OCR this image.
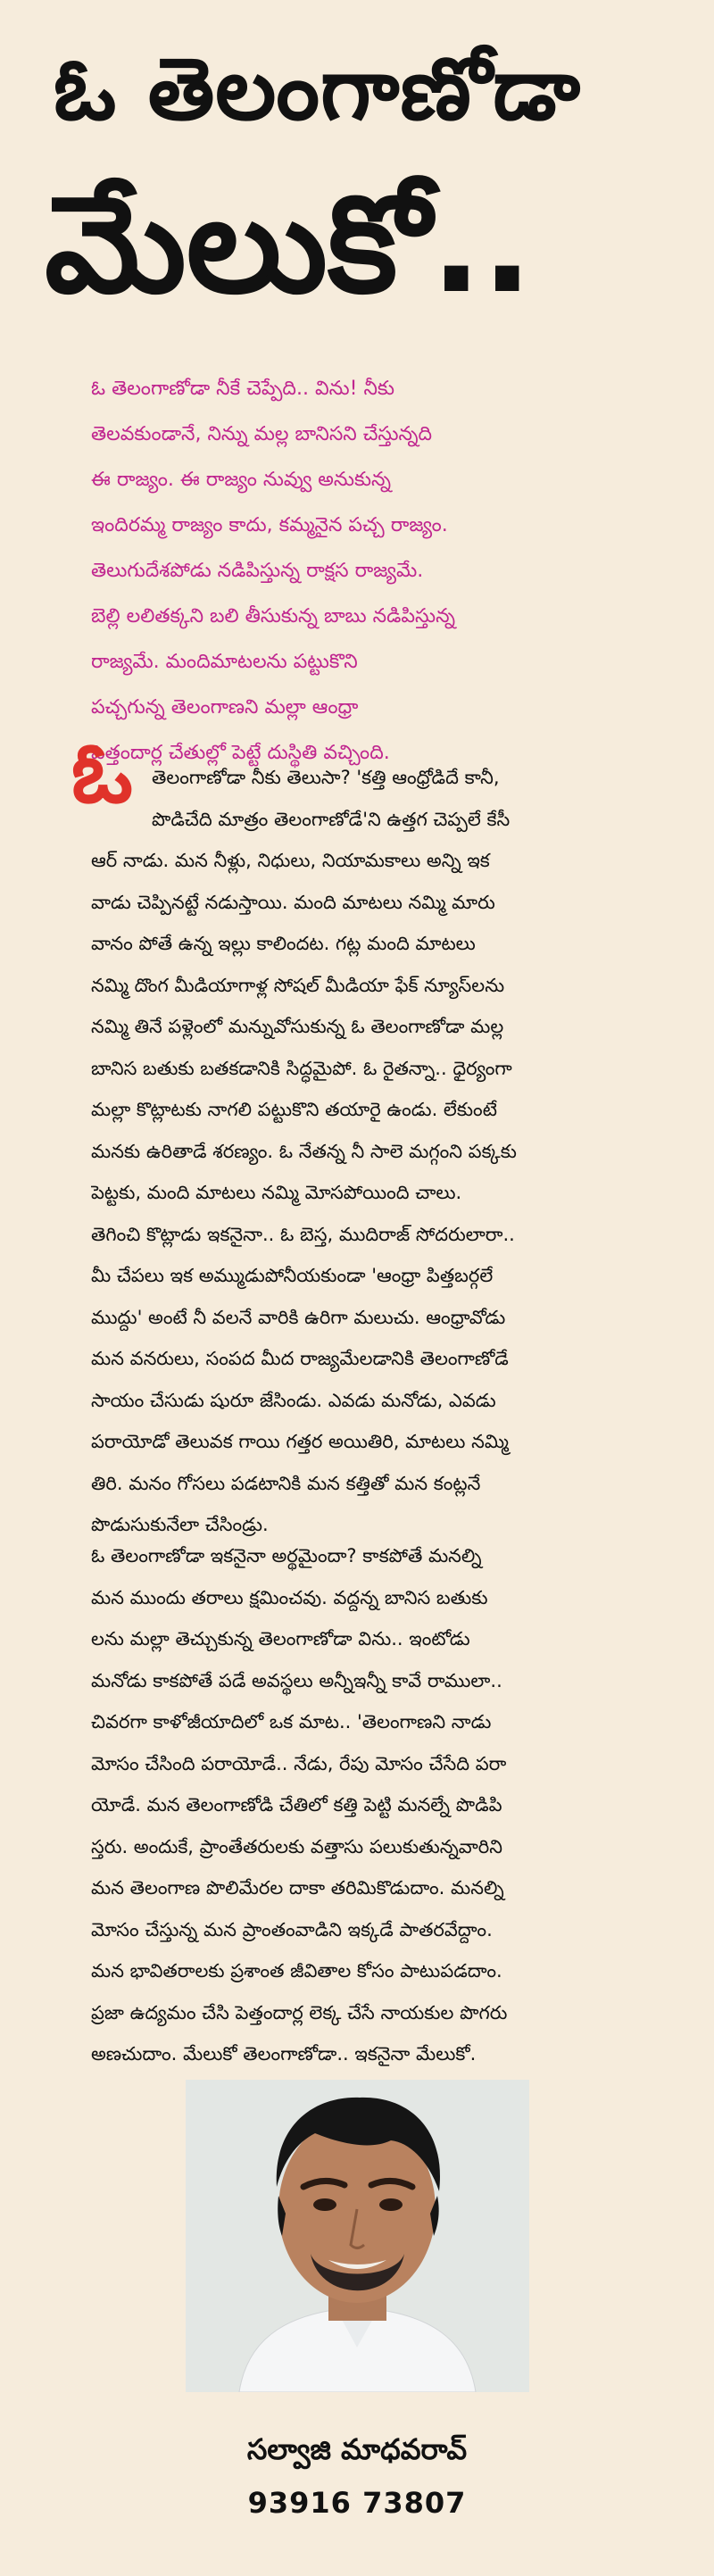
ఓ తెలంగాణోడా
మేలుకో..

ఓ తెలంగాణోడా నీకే చెప్పేది.. విను! నీకు

తెలవకుండానే, నిన్ను మల్ల బానిసని చేస్తున్నది

ఈ రాజ్యం. ఈ రాజ్యం నువ్వు అనుకున్న

ఇందిరమ్మ రాజ్యం కాదు, కమ్మనైన పచ్చ రాజ్యం.

తెలుగుదేశపోడు నడిపిస్తున్న రాక్షస రాజ్యమే.

బెల్లి లలితక్కని బలి తీసుకున్న బాబు నడిపిస్తున్న

రాజ్యమే. మందిమాటలను పట్టుకొని

పచ్చగున్న తెలంగాణని మల్లా ఆంధ్రా

పెత్తందార్ల చేతుల్లో పెట్టే దుస్థితి వచ్చింది.

ఓ	తెలంగాణోడా నీకు తెలుసా? 'కత్తి ఆంధ్రోడిదే కానీ,

పొడిచేది మాత్రం తెలంగాణోడే'ని ఉత్తగ చెప్పలే కేసీ

ఆర్ నాడు. మన నీళ్లు, నిధులు, నియామకాలు అన్ని ఇక

వాడు చెప్పినట్టే నడుస్తాయి. మంది మాటలు నమ్మి మారు

వానం పోతే ఉన్న ఇల్లు కాలిందట. గట్ల మంది మాటలు

నమ్మి దొంగ మీడియాగాళ్ల సోషల్ మీడియా ఫేక్ న్యూస్‌లను

నమ్మి తినే పళ్లెంలో మన్నువోసుకున్న ఓ తెలంగాణోడా మల్ల

బానిస బతుకు బతకడానికి సిద్ధమైపో. ఓ రైతన్నా.. ధైర్యంగా

మల్లా కొట్లాటకు నాగలి పట్టుకొని తయారై ఉండు. లేకుంటే

మనకు ఉరితాడే శరణ్యం. ఓ నేతన్న నీ సాలె మగ్గంని పక్కకు

పెట్టకు, మంది మాటలు నమ్మి మోసపోయింది చాలు.

తెగించి కొట్లాడు ఇకనైనా.. ఓ బెస్త, ముదిరాజ్ సోదరులారా..

మీ చేపలు ఇక అమ్ముడుపోనీయకుండా 'ఆంధ్రా పిత్తబర్గలే

ముద్దు' అంటే నీ వలనే వారికి ఉరిగా మలుచు. ఆంధ్రావోడు

మన వనరులు, సంపద మీద రాజ్యమేలడానికి తెలంగాణోడే

సాయం చేసుడు షురూ జేసిండు. ఎవడు మనోడు, ఎవడు

పరాయోడో తెలువక గాయి గత్తర అయితిరి, మాటలు నమ్మి

తిరి. మనం గోసలు పడటానికి మన కత్తితో మన కంట్లనే

పొడుసుకునేలా చేసిండ్రు.

ఓ తెలంగాణోడా ఇకనైనా అర్థమైందా? కాకపోతే మనల్ని

మన ముందు తరాలు క్షమించవు. వద్దన్న బానిస బతుకు

లను మల్లా తెచ్చుకున్న తెలంగాణోడా విను.. ఇంటోడు

మనోడు కాకపోతే పడే అవస్థలు అన్నీఇన్నీ కావే రాములా..

చివరగా కాళోజీయాదిలో ఒక మాట.. 'తెలంగాణని నాడు

మోసం చేసింది పరాయోడే.. నేడు, రేపు మోసం చేసేది పరా

యోడే. మన తెలంగాణోడి చేతిలో కత్తి పెట్టి మనల్నే పొడిపి

స్తరు. అందుకే, ప్రాంతేతరులకు వత్తాసు పలుకుతున్నవారిని

మన తెలంగాణ పొలిమేరల దాకా తరిమికొడుదాం. మనల్ని

మోసం చేస్తున్న మన ప్రాంతంవాడిని ఇక్కడే పాతరవేద్దాం.

మన భావితరాలకు ప్రశాంత జీవితాల కోసం పాటుపడదాం.

ప్రజా ఉద్యమం చేసి పెత్తందార్ల లెక్క చేసే నాయకుల పొగరు

అణచుదాం. మేలుకో తెలంగాణోడా.. ఇకనైనా మేలుకో.

సల్వాజి మాధవరావ్
93916 73807
